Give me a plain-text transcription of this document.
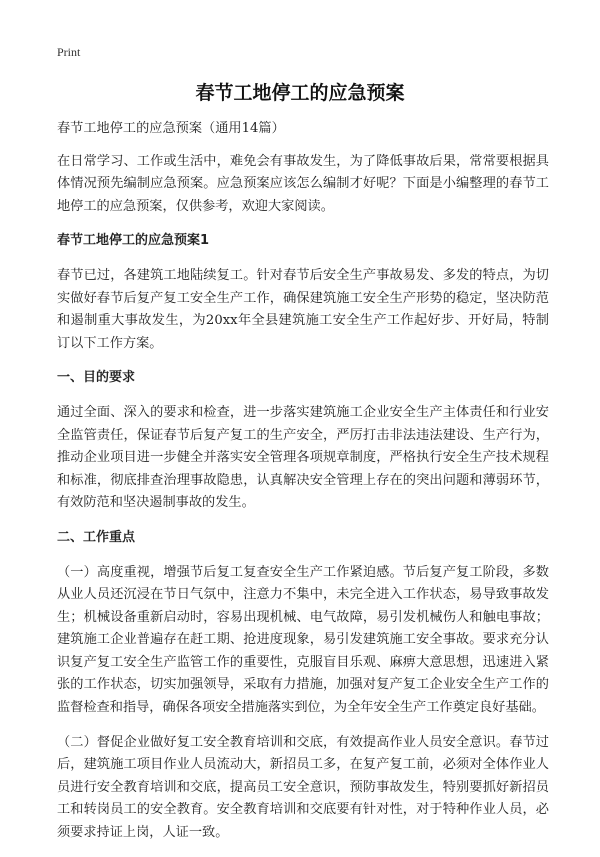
Print
春节工地停工的应急预案

春节工地停工的应急预案（通用14篇）

在日常学习、工作或生活中，难免会有事故发生，为了降低事故后果，常常要根据具体情况预先编制应急预案。应急预案应该怎么编制才好呢？下面是小编整理的春节工地停工的应急预案，仅供参考，欢迎大家阅读。

春节工地停工的应急预案1

春节已过，各建筑工地陆续复工。针对春节后安全生产事故易发、多发的特点，为切实做好春节后复产复工安全生产工作，确保建筑施工安全生产形势的稳定，坚决防范和遏制重大事故发生，为20xx年全县建筑施工安全生产工作起好步、开好局，特制订以下工作方案。

一、目的要求

通过全面、深入的要求和检查，进一步落实建筑施工企业安全生产主体责任和行业安全监管责任，保证春节后复产复工的生产安全，严厉打击非法违法建设、生产行为，推动企业项目进一步健全并落实安全管理各项规章制度，严格执行安全生产技术规程和标准，彻底排查治理事故隐患，认真解决安全管理上存在的突出问题和薄弱环节，有效防范和坚决遏制事故的发生。

二、工作重点

（一）高度重视，增强节后复工复查安全生产工作紧迫感。节后复产复工阶段，多数从业人员还沉浸在节日气氛中，注意力不集中，未完全进入工作状态，易导致事故发生；机械设备重新启动时，容易出现机械、电气故障，易引发机械伤人和触电事故；建筑施工企业普遍存在赶工期、抢进度现象，易引发建筑施工安全事故。要求充分认识复产复工安全生产监管工作的重要性，克服盲目乐观、麻痹大意思想，迅速进入紧张的工作状态，切实加强领导，采取有力措施，加强对复产复工企业安全生产工作的监督检查和指导，确保各项安全措施落实到位，为全年安全生产工作奠定良好基础。

（二）督促企业做好复工安全教育培训和交底，有效提高作业人员安全意识。春节过后，建筑施工项目作业人员流动大，新招员工多，在复产复工前，必须对全体作业人员进行安全教育培训和交底，提高员工安全意识，预防事故发生，特别要抓好新招员工和转岗员工的安全教育。安全教育培训和交底要有针对性，对于特种作业人员，必须要求持证上岗，人证一致。
